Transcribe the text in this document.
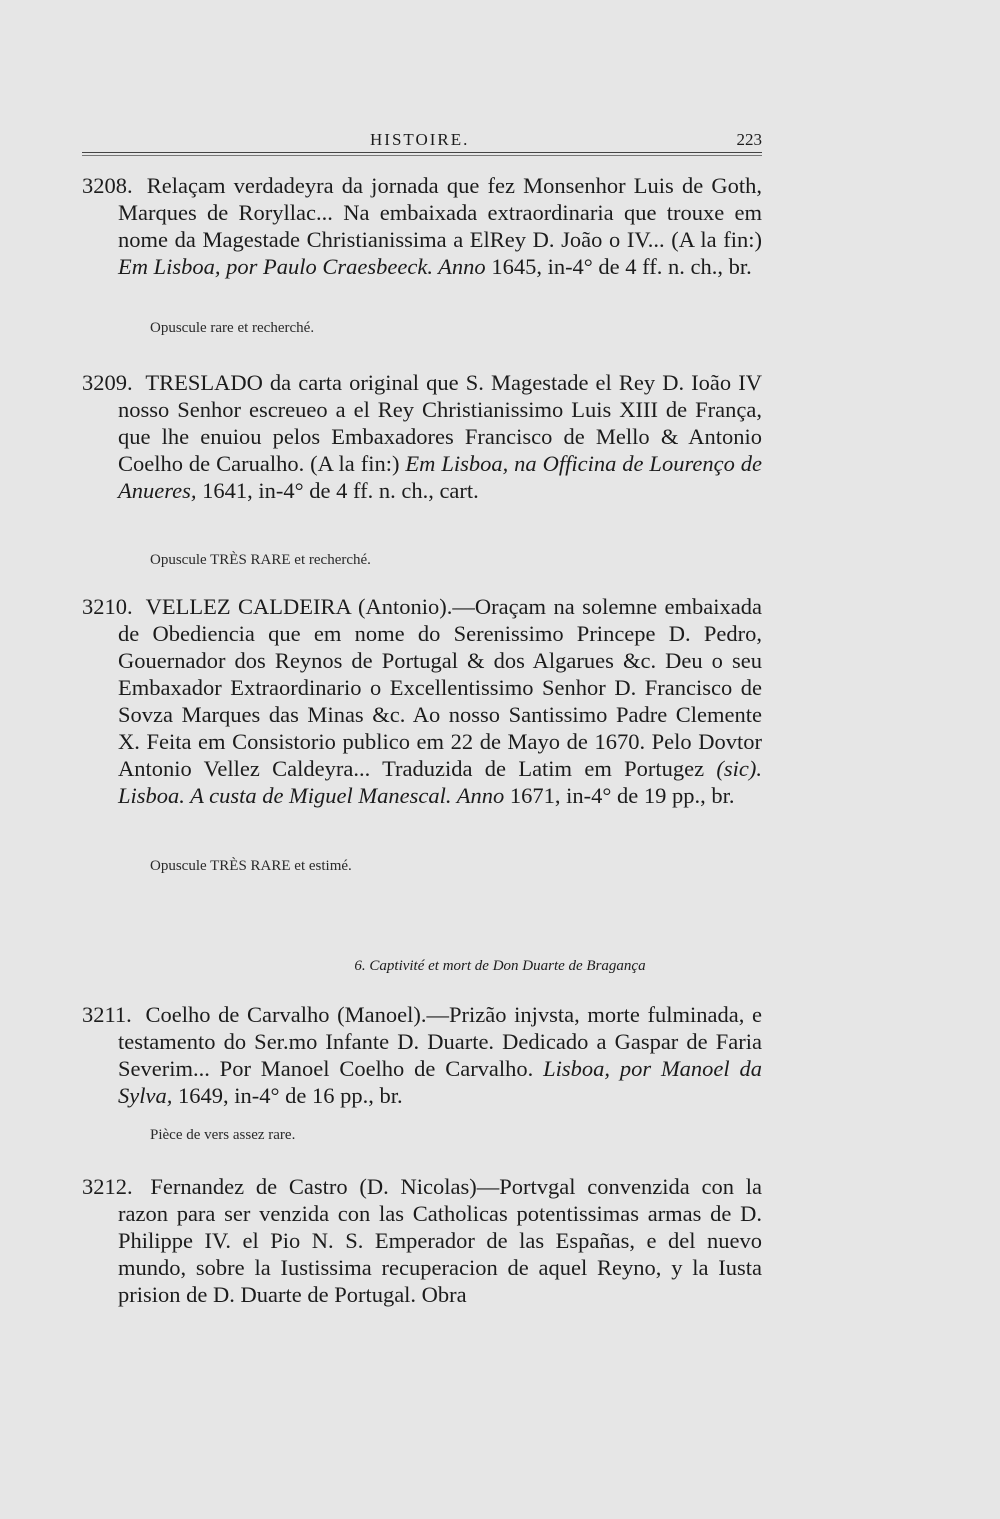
HISTOIRE.	223
3208. Relaçam verdadeyra da jornada que fez Monsenhor Luis de Goth, Marques de Roryllac... Na embaixada extraordinaria que trouxe em nome da Magestade Christianissima a ElRey D. João o IV... (A la fin:) Em Lisboa, por Paulo Craesbeeck. Anno 1645, in-4° de 4 ff. n. ch., br.
Opuscule rare et recherché.
3209. TRESLADO da carta original que S. Magestade el Rey D. Ioão IV nosso Senhor escreueo a el Rey Christianissimo Luis XIII de França, que lhe enuiou pelos Embaxadores Francisco de Mello & Antonio Coelho de Carualho. (A la fin:) Em Lisboa, na Officina de Lourenço de Anueres, 1641, in-4° de 4 ff. n. ch., cart.
Opuscule TRÈS RARE et recherché.
3210. VELLEZ CALDEIRA (Antonio).—Oraçam na solemne embaixada de Obediencia que em nome do Serenissimo Princepe D. Pedro, Gouernador dos Reynos de Portugal & dos Algarues &c. Deu o seu Embaxador Extraordinario o Excellentissimo Senhor D. Francisco de Sovza Marques das Minas &c. Ao nosso Santissimo Padre Clemente X. Feita em Consistorio publico em 22 de Mayo de 1670. Pelo Dovtor Antonio Vellez Caldeyra... Traduzida de Latim em Portugez (sic). Lisboa. A custa de Miguel Manescal. Anno 1671, in-4° de 19 pp., br.
Opuscule TRÈS RARE et estimé.
6. Captivité et mort de Don Duarte de Bragança
3211. Coelho de Carvalho (Manoel).—Prizão injvsta, morte fulminada, e testamento do Ser.mo Infante D. Duarte. Dedicado a Gaspar de Faria Severim... Por Manoel Coelho de Carvalho. Lisboa, por Manoel da Sylva, 1649, in-4° de 16 pp., br.
Pièce de vers assez rare.
3212. Fernandez de Castro (D. Nicolas)—Portvgal convenzida con la razon para ser venzida con las Catholicas potentissimas armas de D. Philippe IV. el Pio N. S. Emperador de las Españas, e del nuevo mundo, sobre la Iustissima recuperacion de aquel Reyno, y la Iusta prision de D. Duarte de Portugal. Obra
